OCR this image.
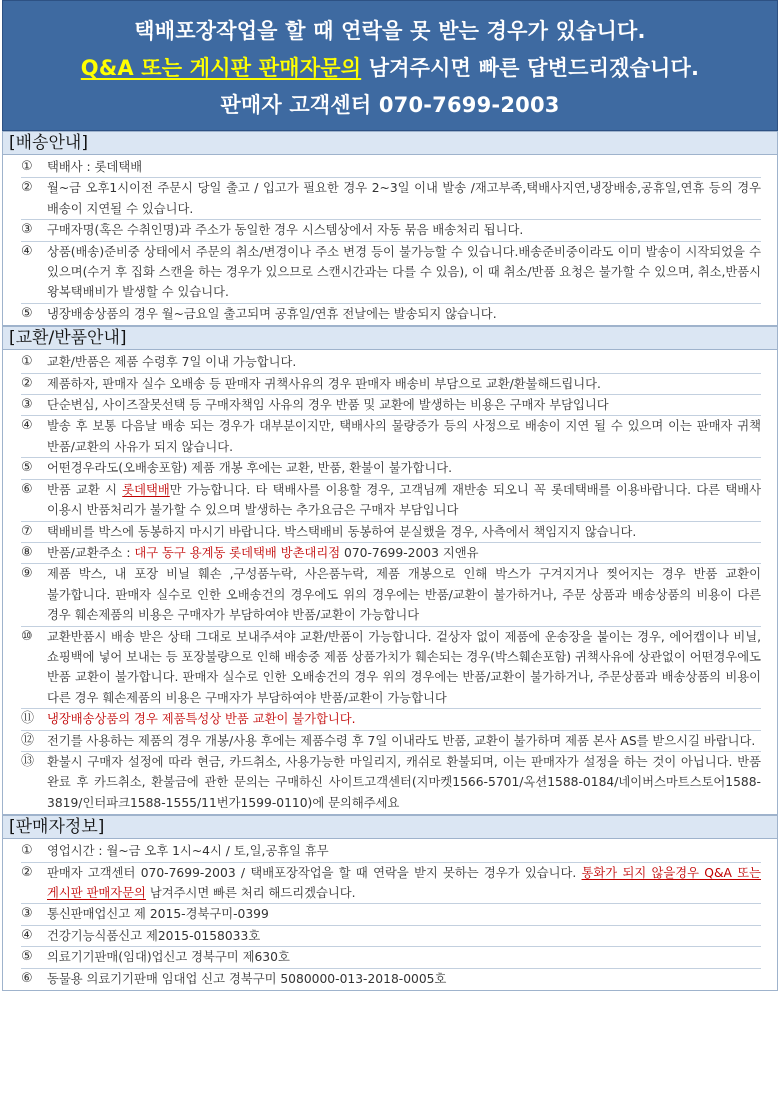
택배포장작업을 할 때 연락을 못 받는 경우가 있습니다.
Q&A 또는 게시판 판매자문의 남겨주시면 빠른 답변드리겠습니다.
판매자 고객센터 070-7699-2003
[배송안내]
①	택배사 : 롯데택배
②	월~금 오후1시이전 주문시 당일 출고 / 입고가 필요한 경우 2~3일 이내 발송 /재고부족,택배사지연,냉장배송,공휴일,연휴 등의 경우 배송이 지연될 수 있습니다.
③	구매자명(혹은 수취인명)과 주소가 동일한 경우 시스템상에서 자동 묶음 배송처리 됩니다.
④	상품(배송)준비중 상태에서 주문의 취소/변경이나 주소 변경 등이 불가능할 수 있습니다.배송준비중이라도 이미 발송이 시작되었을 수 있으며(수거 후 집화 스캔을 하는 경우가 있으므로 스캔시간과는 다를 수 있음), 이 때 취소/반품 요청은 불가할 수 있으며, 취소,반품시 왕복택배비가 발생할 수 있습니다.
⑤	냉장배송상품의 경우 월~금요일 출고되며 공휴일/연휴 전날에는 발송되지 않습니다.
[교환/반품안내]
①	교환/반품은 제품 수령후 7일 이내 가능합니다.
②	제품하자, 판매자 실수 오배송 등 판매자 귀책사유의 경우 판매자 배송비 부담으로 교환/환불해드립니다.
③	단순변심, 사이즈잘못선택 등 구매자책임 사유의 경우 반품 및 교환에 발생하는 비용은 구매자 부담입니다
④	발송 후 보통 다음날 배송 되는 경우가 대부분이지만, 택배사의 물량증가 등의 사정으로 배송이 지연 될 수 있으며 이는 판매자 귀책 반품/교환의 사유가 되지 않습니다.
⑤	어떤경우라도(오배송포함) 제품 개봉 후에는 교환, 반품, 환불이 불가합니다.
⑥	반품 교환 시 롯데택배만 가능합니다. 타 택배사를 이용할 경우, 고객님께 재반송 되오니 꼭 롯데택배를 이용바랍니다. 다른 택배사 이용시 반품처리가 불가할 수 있으며 발생하는 추가요금은 구매자 부담입니다
⑦	택배비를 박스에 동봉하지 마시기 바랍니다. 박스택배비 동봉하여 분실했을 경우, 사측에서 책임지지 않습니다.
⑧	반품/교환주소 : 대구 동구 용계동 롯데택배 방촌대리점 070-7699-2003 지앤유
⑨	제품 박스, 내 포장 비닐 훼손 ,구성품누락, 사은품누락, 제품 개봉으로 인해 박스가 구겨지거나 찢어지는 경우 반품 교환이 불가합니다. 판매자 실수로 인한 오배송건의 경우에도 위의 경우에는 반품/교환이 불가하거나, 주문 상품과 배송상품의 비용이 다른 경우 훼손제품의 비용은 구매자가 부담하여야 반품/교환이 가능합니다
⑩	교환반품시 배송 받은 상태 그대로 보내주셔야 교환/반품이 가능합니다. 겉상자 없이 제품에 운송장을 붙이는 경우, 에어캡이나 비닐, 쇼핑백에 넣어 보내는 등 포장불량으로 인해 배송중 제품 상품가치가 훼손되는 경우(박스훼손포함) 귀책사유에 상관없이 어떤경우에도 반품 교환이 불가합니다. 판매자 실수로 인한 오배송건의 경우 위의 경우에는 반품/교환이 불가하거나, 주문상품과 배송상품의 비용이 다른 경우 훼손제품의 비용은 구매자가 부담하여야 반품/교환이 가능합니다
⑪	냉장배송상품의 경우 제품특성상 반품 교환이 불가합니다.
⑫	전기를 사용하는 제품의 경우 개봉/사용 후에는 제품수령 후 7일 이내라도 반품, 교환이 불가하며 제품 본사 AS를 받으시길 바랍니다.
⑬	환불시 구매자 설정에 따라 현금, 카드취소, 사용가능한 마일리지, 캐쉬로 환불되며, 이는 판매자가 설정을 하는 것이 아닙니다. 반품 완료 후 카드취소, 환불금에 관한 문의는 구매하신 사이트고객센터(지마켓1566-5701/옥션1588-0184/네이버스마트스토어1588-3819/인터파크1588-1555/11번가1599-0110)에 문의해주세요
[판매자정보]
①	영업시간 : 월~금 오후 1시~4시 / 토,일,공휴일 휴무
②	판매자 고객센터 070-7699-2003 / 택배포장작업을 할 때 연락을 받지 못하는 경우가 있습니다. 통화가 되지 않을경우 Q&A 또는 게시판 판매자문의 남겨주시면 빠른 처리 해드리겠습니다.
③	통신판매업신고 제 2015-경북구미-0399
④	건강기능식품신고 제2015-0158033호
⑤	의료기기판매(임대)업신고 경북구미 제630호
⑥	동물용 의료기기판매 임대업 신고 경북구미 5080000-013-2018-0005호
